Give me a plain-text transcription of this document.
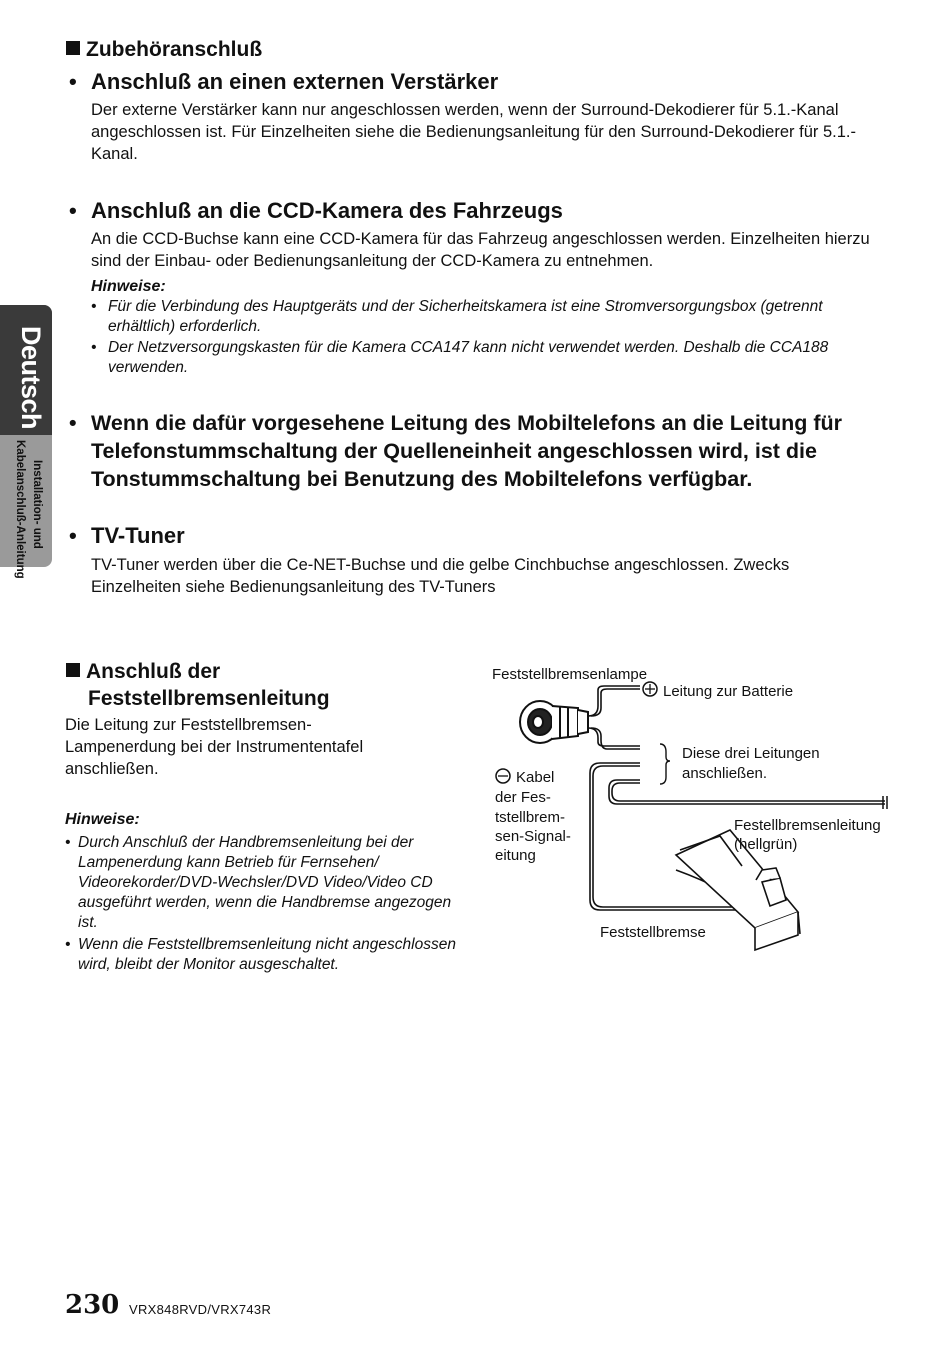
Deutsch
Installation- und
Kabelanschluß-Anleitung
Zubehöranschluß
• Anschluß an einen externen Verstärker
Der externe Verstärker kann nur angeschlossen werden, wenn der Surround-Dekodierer für 5.1.-Kanal angeschlossen ist. Für Einzelheiten siehe die Bedienungsanleitung für den Surround-Dekodierer für 5.1.-Kanal.
• Anschluß an die CCD-Kamera des Fahrzeugs
An die CCD-Buchse kann eine CCD-Kamera für das Fahrzeug angeschlossen werden. Einzelheiten hierzu sind der Einbau- oder Bedienungsanleitung der CCD-Kamera zu entnehmen.
Hinweise:
• Für die Verbindung des Hauptgeräts und der Sicherheitskamera ist eine Stromversorgungsbox (getrennt erhältlich) erforderlich.
• Der Netzversorgungskasten für die Kamera CCA147 kann nicht verwendet werden. Deshalb die CCA188 verwenden.
• Wenn die dafür vorgesehene Leitung des Mobiltelefons an die Leitung für Telefonstummschaltung der Quelleneinheit angeschlossen wird, ist die Tonstummschaltung bei Benutzung des Mobiltelefons verfügbar.
• TV-Tuner
TV-Tuner werden über die Ce-NET-Buchse und die gelbe Cinchbuchse angeschlossen. Zwecks Einzelheiten siehe Bedienungsanleitung des TV-Tuners
Anschluß der
Feststellbremsenleitung
Die Leitung zur Feststellbremsen-Lampenerdung bei der Instrumententafel anschließen.
Hinweise:
• Durch Anschluß der Handbremsenleitung bei der Lampenerdung kann Betrieb für Fernsehen/ Videorekorder/DVD-Wechsler/DVD Video/Video CD ausgeführt werden, wenn die Handbremse angezogen ist.
• Wenn die Feststellbremsenleitung nicht angeschlossen wird, bleibt der Monitor ausgeschaltet.
Feststellbremsenlampe
Leitung zur Batterie
Diese drei Leitungen
anschließen.
Kabel
der Fes-
tstellbrem-
sen-Signal-
eitung
Festellbremsenleitung
(hellgrün)
Feststellbremse
230 VRX848RVD/VRX743R
